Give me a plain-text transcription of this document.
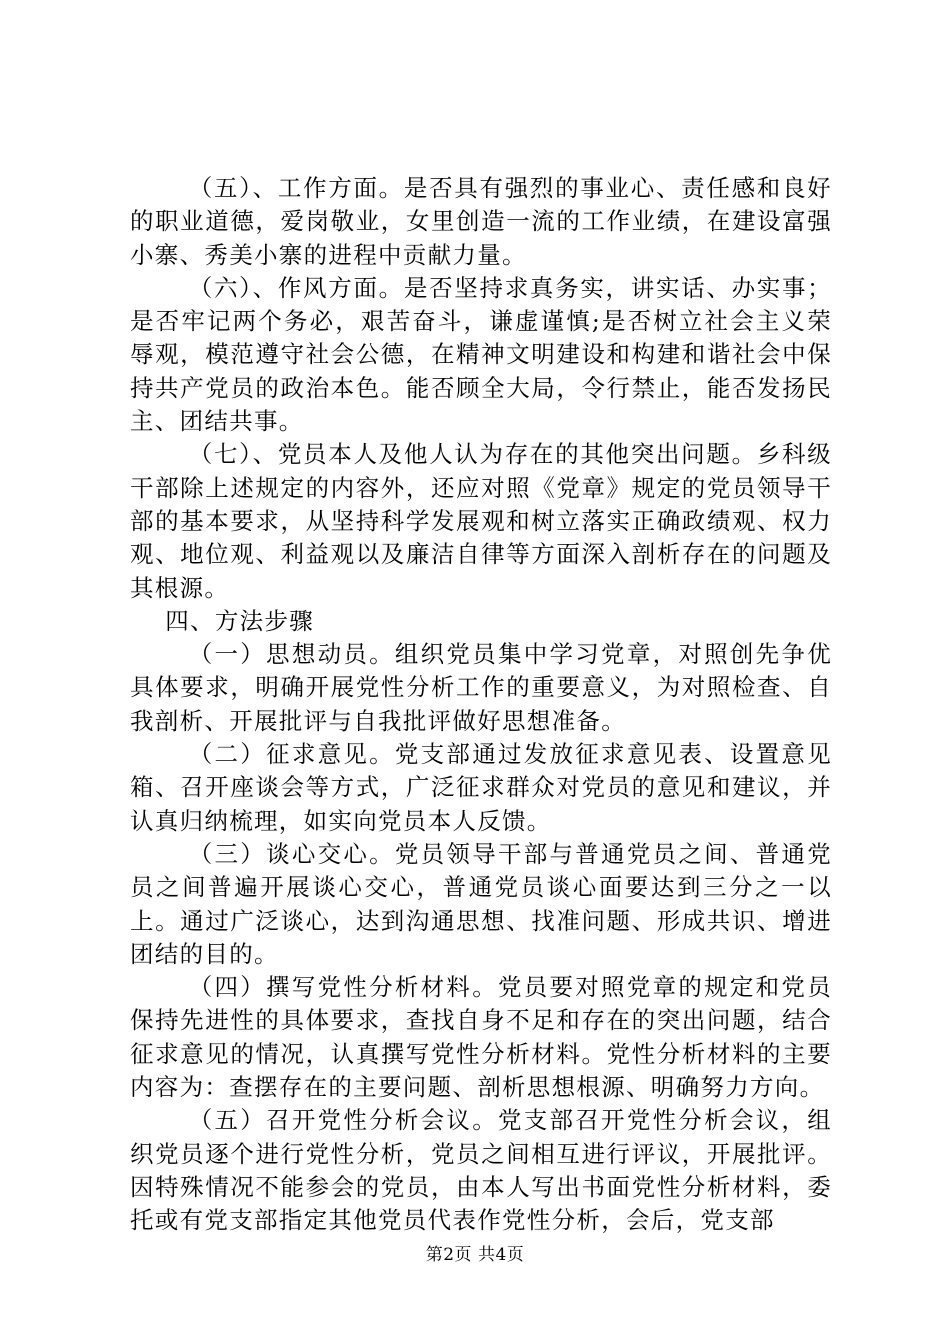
（五）、工作方面。是否具有强烈的事业心、责任感和良好的职业道德，爱岗敬业，女里创造一流的工作业绩，在建设富强小寨、秀美小寨的进程中贡献力量。

（六）、作风方面。是否坚持求真务实，讲实话、办实事；是否牢记两个务必，艰苦奋斗，谦虚谨慎;是否树立社会主义荣辱观，模范遵守社会公德，在精神文明建设和构建和谐社会中保持共产党员的政治本色。能否顾全大局，令行禁止，能否发扬民主、团结共事。

（七）、党员本人及他人认为存在的其他突出问题。乡科级干部除上述规定的内容外，还应对照《党章》规定的党员领导干部的基本要求，从坚持科学发展观和树立落实正确政绩观、权力观、地位观、利益观以及廉洁自律等方面深入剖析存在的问题及其根源。

四、方法步骤

（一）思想动员。组织党员集中学习党章，对照创先争优具体要求，明确开展党性分析工作的重要意义，为对照检查、自我剖析、开展批评与自我批评做好思想准备。

（二）征求意见。党支部通过发放征求意见表、设置意见箱、召开座谈会等方式，广泛征求群众对党员的意见和建议，并认真归纳梳理，如实向党员本人反馈。

（三）谈心交心。党员领导干部与普通党员之间、普通党员之间普遍开展谈心交心，普通党员谈心面要达到三分之一以上。通过广泛谈心，达到沟通思想、找准问题、形成共识、增进团结的目的。

（四）撰写党性分析材料。党员要对照党章的规定和党员保持先进性的具体要求，查找自身不足和存在的突出问题，结合征求意见的情况，认真撰写党性分析材料。党性分析材料的主要内容为：查摆存在的主要问题、剖析思想根源、明确努力方向。

（五）召开党性分析会议。党支部召开党性分析会议，组织党员逐个进行党性分析，党员之间相互进行评议，开展批评。因特殊情况不能参会的党员，由本人写出书面党性分析材料，委托或有党支部指定其他党员代表作党性分析，会后，党支部

第2页 共4页
